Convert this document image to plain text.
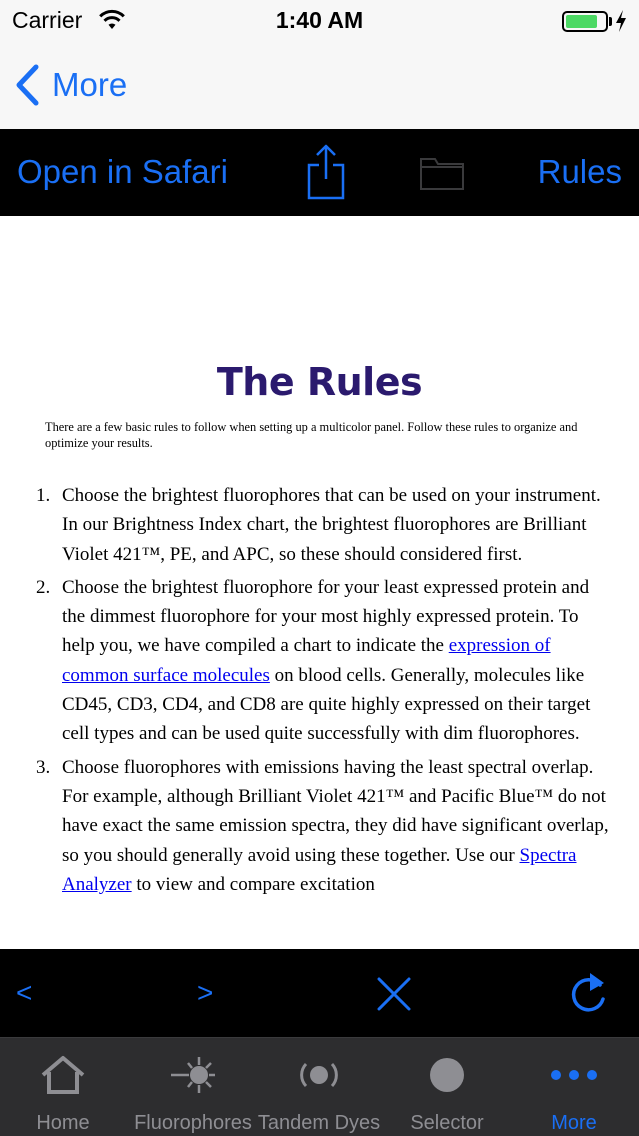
Carrier	1:40 AM
More
Open in Safari	Rules
The Rules

There are a few basic rules to follow when setting up a multicolor panel. Follow these rules to organize and optimize your results.

1. Choose the brightest fluorophores that can be used on your instrument. In our Brightness Index chart, the brightest fluorophores are Brilliant Violet 421™, PE, and APC, so these should considered first.
2. Choose the brightest fluorophore for your least expressed protein and the dimmest fluorophore for your most highly expressed protein. To help you, we have compiled a chart to indicate the expression of common surface molecules on blood cells. Generally, molecules like CD45, CD3, CD4, and CD8 are quite highly expressed on their target cell types and can be used quite successfully with dim fluorophores.
3. Choose fluorophores with emissions having the least spectral overlap. For example, although Brilliant Violet 421™ and Pacific Blue™ do not have exact the same emission spectra, they did have significant overlap, so you should generally avoid using these together. Use our Spectra Analyzer to view and compare excitation
<	>
Home	Fluorophores Tandem Dyes	Selector	More
